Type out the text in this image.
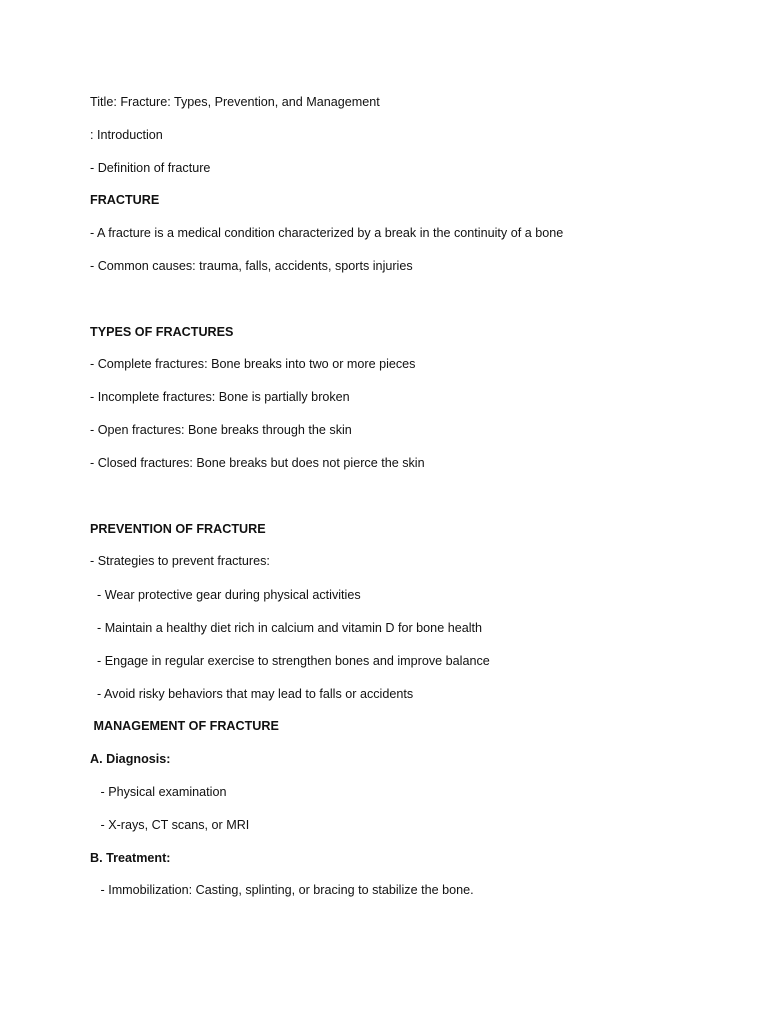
Title: Fracture: Types, Prevention, and Management

: Introduction

- Definition of fracture

FRACTURE

- A fracture is a medical condition characterized by a break in the continuity of a bone

- Common causes: trauma, falls, accidents, sports injuries

TYPES OF FRACTURES

- Complete fractures: Bone breaks into two or more pieces

- Incomplete fractures: Bone is partially broken

- Open fractures: Bone breaks through the skin

- Closed fractures: Bone breaks but does not pierce the skin

PREVENTION OF FRACTURE

- Strategies to prevent fractures:

- Wear protective gear during physical activities

- Maintain a healthy diet rich in calcium and vitamin D for bone health

- Engage in regular exercise to strengthen bones and improve balance

- Avoid risky behaviors that may lead to falls or accidents

MANAGEMENT OF FRACTURE

A. Diagnosis:

- Physical examination

- X-rays, CT scans, or MRI

B. Treatment:

- Immobilization: Casting, splinting, or bracing to stabilize the bone.
